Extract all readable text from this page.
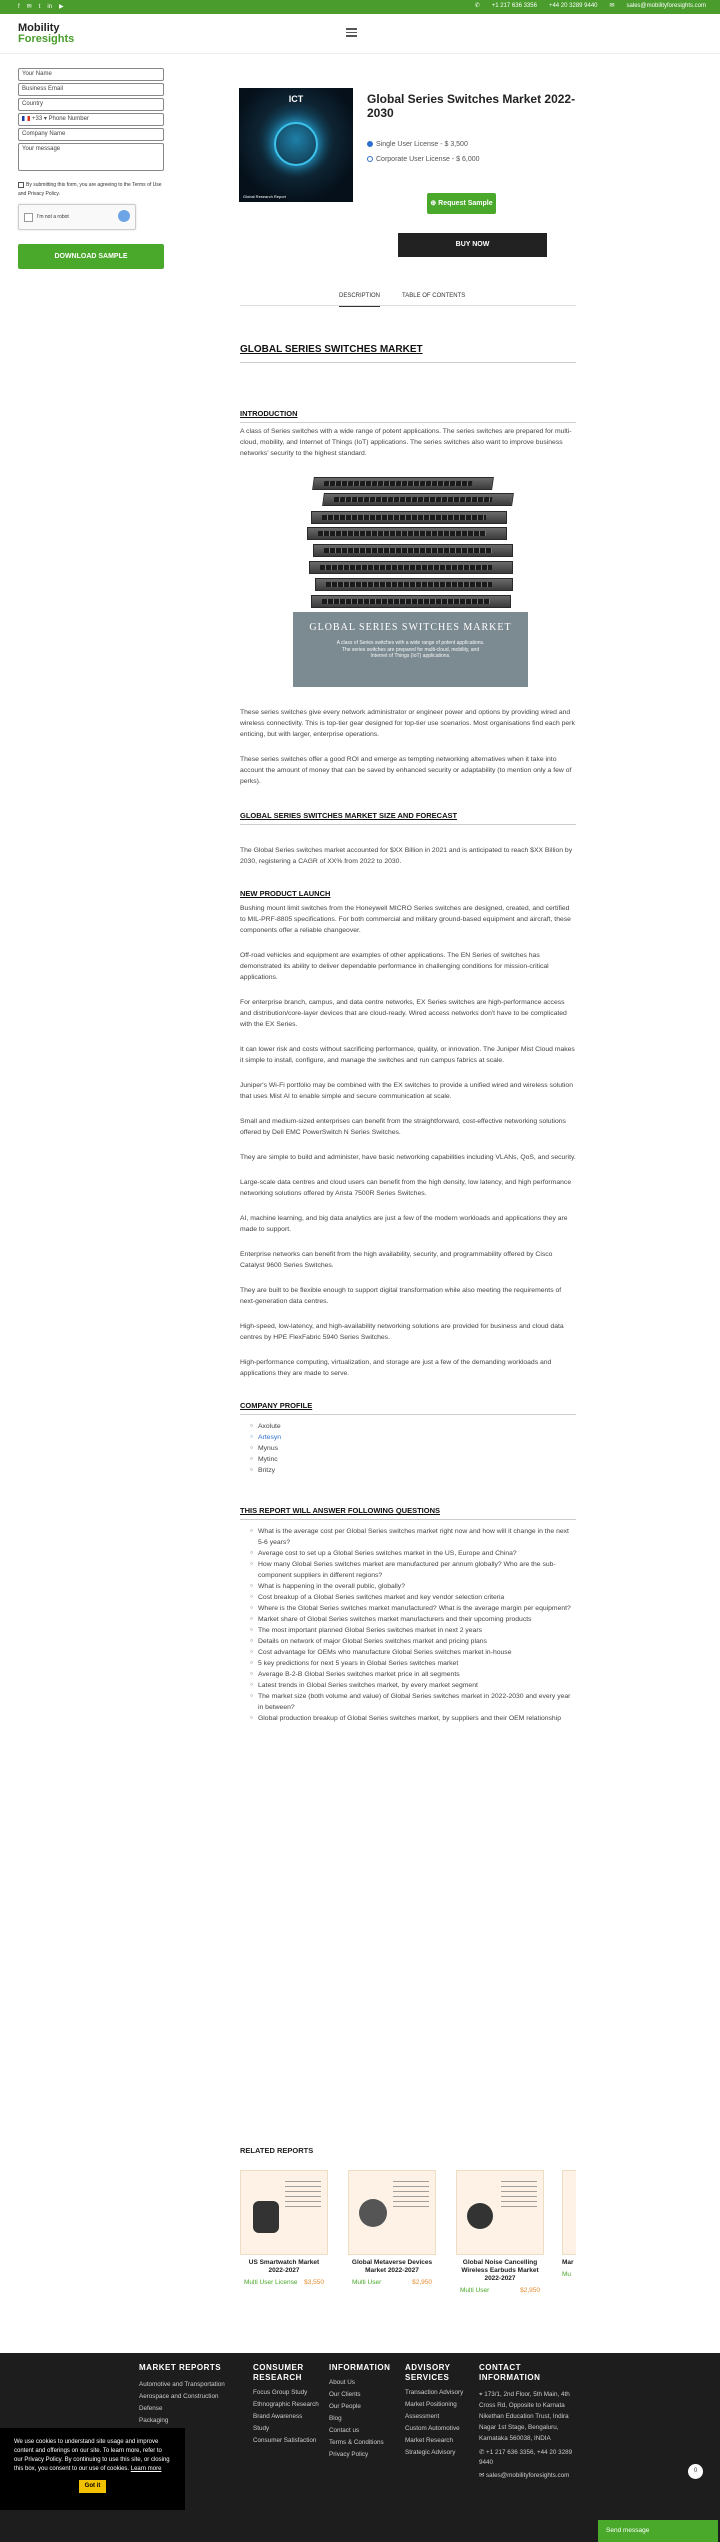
f ✉ t in ▶	✆ +1 217 636 3356 +44 20 3289 9440 ✉ sales@mobilityforesights.com
Mobility
Foresights
Your Name
Business Email
Country
+33 ▾ Phone Number
Company Name
Your message
By submitting this form, you are agreeing to the Terms of Use and Privacy Policy.
I'm not a robot
DOWNLOAD SAMPLE
ICT
Global Research Report
Global Series Switches Market 2022-2030
Single User License - $ 3,500
Corporate User License - $ 6,000
⊕ Request Sample
BUY NOW
DESCRIPTION	TABLE OF CONTENTS
GLOBAL SERIES SWITCHES MARKET
INTRODUCTION
A class of Series switches with a wide range of potent applications. The series switches are prepared for multi-cloud, mobility, and Internet of Things (IoT) applications. The series switches also want to improve business networks' security to the highest standard.
GLOBAL SERIES SWITCHES MARKET
A class of Series switches with a wide range of potent applications. The series switches are prepared for multi-cloud, mobility, and Internet of Things (IoT) applications.
These series switches give every network administrator or engineer power and options by providing wired and wireless connectivity. This is top-tier gear designed for top-tier use scenarios. Most organisations find each perk enticing, but with larger, enterprise operations.
These series switches offer a good ROI and emerge as tempting networking alternatives when it take into account the amount of money that can be saved by enhanced security or adaptability (to mention only a few of perks).
GLOBAL SERIES SWITCHES MARKET SIZE AND FORECAST
The Global Series switches market accounted for $XX Billion in 2021 and is anticipated to reach $XX Billion by 2030, registering a CAGR of XX% from 2022 to 2030.
NEW PRODUCT LAUNCH
Bushing mount limit switches from the Honeywell MICRO Series switches are designed, created, and certified to MIL-PRF-8805 specifications. For both commercial and military ground-based equipment and aircraft, these components offer a reliable changeover.
Off-road vehicles and equipment are examples of other applications. The EN Series of switches has demonstrated its ability to deliver dependable performance in challenging conditions for mission-critical applications.
For enterprise branch, campus, and data centre networks, EX Series switches are high-performance access and distribution/core-layer devices that are cloud-ready. Wired access networks don't have to be complicated with the EX Series.
It can lower risk and costs without sacrificing performance, quality, or innovation. The Juniper Mist Cloud makes it simple to install, configure, and manage the switches and run campus fabrics at scale.
Juniper's Wi-Fi portfolio may be combined with the EX switches to provide a unified wired and wireless solution that uses Mist AI to enable simple and secure communication at scale.
Small and medium-sized enterprises can benefit from the straightforward, cost-effective networking solutions offered by Dell EMC PowerSwitch N Series Switches.
They are simple to build and administer, have basic networking capabilities including VLANs, QoS, and security.
Large-scale data centres and cloud users can benefit from the high density, low latency, and high performance networking solutions offered by Arista 7500R Series Switches.
AI, machine learning, and big data analytics are just a few of the modern workloads and applications they are made to support.
Enterprise networks can benefit from the high availability, security, and programmability offered by Cisco Catalyst 9600 Series Switches.
They are built to be flexible enough to support digital transformation while also meeting the requirements of next-generation data centres.
High-speed, low-latency, and high-availability networking solutions are provided for business and cloud data centres by HPE FlexFabric 5940 Series Switches.
High-performance computing, virtualization, and storage are just a few of the demanding workloads and applications they are made to serve.
COMPANY PROFILE
○ Axolute
○ Artesyn
○ Mynus
○ Mytinc
○ Britzy
THIS REPORT WILL ANSWER FOLLOWING QUESTIONS
○ What is the average cost per Global Series switches market right now and how will it change in the next 5-6 years?
○ Average cost to set up a Global Series switches market in the US, Europe and China?
○ How many Global Series switches market are manufactured per annum globally? Who are the sub-component suppliers in different regions?
○ What is happening in the overall public, globally?
○ Cost breakup of a Global Series switches market and key vendor selection criteria
○ Where is the Global Series switches market manufactured? What is the average margin per equipment?
○ Market share of Global Series switches market manufacturers and their upcoming products
○ The most important planned Global Series switches market in next 2 years
○ Details on network of major Global Series switches market and pricing plans
○ Cost advantage for OEMs who manufacture Global Series switches market in-house
○ 5 key predictions for next 5 years in Global Series switches market
○ Average B-2-B Global Series switches market price in all segments
○ Latest trends in Global Series switches market, by every market segment
○ The market size (both volume and value) of Global Series switches market in 2022-2030 and every year in between?
○ Global production breakup of Global Series switches market, by suppliers and their OEM relationship
RELATED REPORTS
US Smartwatch Market 2022-2027
Multi User License $3,550
Global Metaverse Devices Market 2022-2027
Multi User	$2,950
Global Noise Cancelling Wireless Earbuds Market 2022-2027
Multi User	$2,950
Mar
Mu
MARKET REPORTS
Automotive and Transportation
Aerospace and Construction
Defense
Packaging
CONSUMER RESEARCH
Focus Group Study
Ethnographic Research
Brand Awareness Study
Consumer Satisfaction
INFORMATION
About Us
Our Clients
Our People
Blog
Contact us
Terms & Conditions
Privacy Policy
ADVISORY SERVICES
Transaction Advisory
Market Positioning Assessment
Custom Automotive Market Research
Strategic Advisory
CONTACT INFORMATION
⌖ 173/1, 2nd Floor, 5th Main, 4th Cross Rd, Opposite to Karnata Nikethan Education Trust, Indira Nagar 1st Stage, Bengaluru, Karnataka 560038, INDIA
✆ +1 217 636 3356, +44 20 3289 9440
✉ sales@mobilityforesights.com
We use cookies to understand site usage and improve content and offerings on our site. To learn more, refer to our Privacy Policy. By continuing to use this site, or closing this box, you consent to our use of cookies. Learn more
Got it
0
Send message
